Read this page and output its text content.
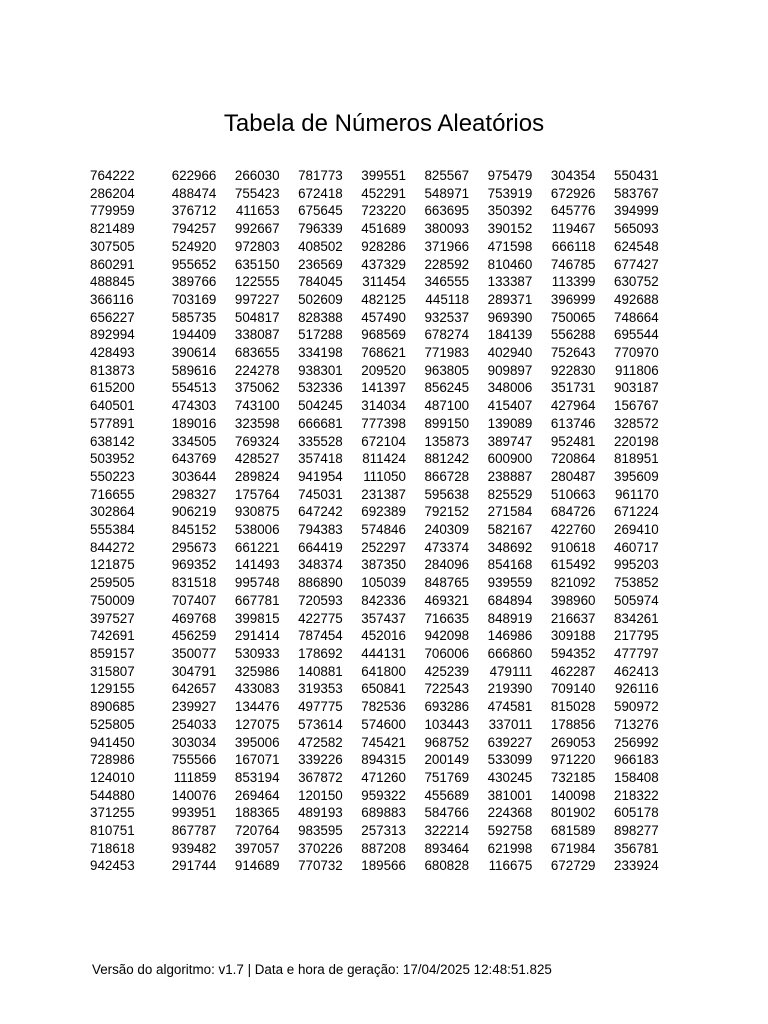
Tabela de Números Aleatórios
764222	622966	266030	781773	399551	825567	975479	304354	550431
286204	488474	755423	672418	452291	548971	753919	672926	583767
779959	376712	411653	675645	723220	663695	350392	645776	394999
821489	794257	992667	796339	451689	380093	390152	119467	565093
307505	524920	972803	408502	928286	371966	471598	666118	624548
860291	955652	635150	236569	437329	228592	810460	746785	677427
488845	389766	122555	784045	311454	346555	133387	113399	630752
366116	703169	997227	502609	482125	445118	289371	396999	492688
656227	585735	504817	828388	457490	932537	969390	750065	748664
892994	194409	338087	517288	968569	678274	184139	556288	695544
428493	390614	683655	334198	768621	771983	402940	752643	770970
813873	589616	224278	938301	209520	963805	909897	922830	911806
615200	554513	375062	532336	141397	856245	348006	351731	903187
640501	474303	743100	504245	314034	487100	415407	427964	156767
577891	189016	323598	666681	777398	899150	139089	613746	328572
638142	334505	769324	335528	672104	135873	389747	952481	220198
503952	643769	428527	357418	811424	881242	600900	720864	818951
550223	303644	289824	941954	111050	866728	238887	280487	395609
716655	298327	175764	745031	231387	595638	825529	510663	961170
302864	906219	930875	647242	692389	792152	271584	684726	671224
555384	845152	538006	794383	574846	240309	582167	422760	269410
844272	295673	661221	664419	252297	473374	348692	910618	460717
121875	969352	141493	348374	387350	284096	854168	615492	995203
259505	831518	995748	886890	105039	848765	939559	821092	753852
750009	707407	667781	720593	842336	469321	684894	398960	505974
397527	469768	399815	422775	357437	716635	848919	216637	834261
742691	456259	291414	787454	452016	942098	146986	309188	217795
859157	350077	530933	178692	444131	706006	666860	594352	477797
315807	304791	325986	140881	641800	425239	479111	462287	462413
129155	642657	433083	319353	650841	722543	219390	709140	926116
890685	239927	134476	497775	782536	693286	474581	815028	590972
525805	254033	127075	573614	574600	103443	337011	178856	713276
941450	303034	395006	472582	745421	968752	639227	269053	256992
728986	755566	167071	339226	894315	200149	533099	971220	966183
124010	111859	853194	367872	471260	751769	430245	732185	158408
544880	140076	269464	120150	959322	455689	381001	140098	218322
371255	993951	188365	489193	689883	584766	224368	801902	605178
810751	867787	720764	983595	257313	322214	592758	681589	898277
718618	939482	397057	370226	887208	893464	621998	671984	356781
942453	291744	914689	770732	189566	680828	116675	672729	233924
Versão do algoritmo: v1.7 | Data e hora de geração: 17/04/2025 12:48:51.825
